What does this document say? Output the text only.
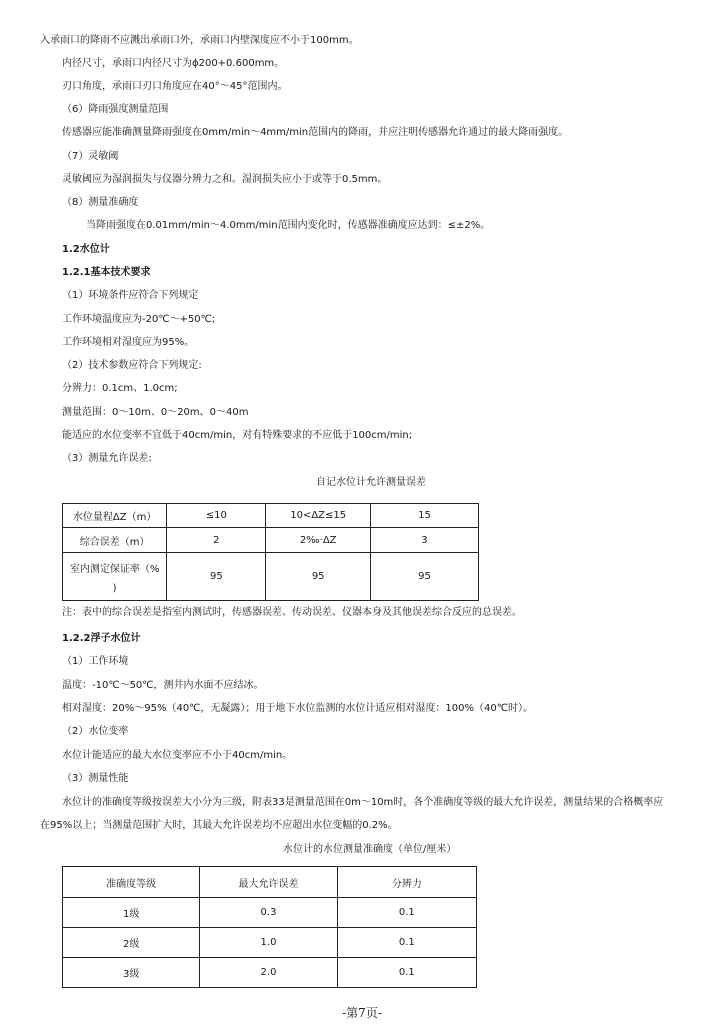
入承雨口的降雨不应溅出承雨口外，承雨口内壁深度应不小于100mm。
内径尺寸，承雨口内径尺寸为ϕ200+0.600mm。
刃口角度，承雨口刃口角度应在40°～45°范围内。
（6）降雨强度测量范围
传感器应能准确测量降雨强度在0mm/min～4mm/min范围内的降雨，并应注明传感器允许通过的最大降雨强度。
（7）灵敏阈
灵敏阈应为湿润损失与仪器分辨力之和。湿润损失应小于或等于0.5mm。
（8）测量准确度
当降雨强度在0.01mm/min～4.0mm/min范围内变化时，传感器准确度应达到：≤±2%。
1.2水位计
1.2.1基本技术要求
（1）环境条件应符合下列规定
工作环境温度应为-20℃～+50℃;
工作环境相对湿度应为95%。
（2）技术参数应符合下列规定:
分辨力：0.1cm、1.0cm;
测量范围：0～10m、0～20m、0～40m
能适应的水位变率不宜低于40cm/min，对有特殊要求的不应低于100cm/min;
（3）测量允许误差:
自记水位计允许测量误差
水位量程ΔZ（m）	≤10	10<ΔZ≤15	15
综合误差（m）	2	2‰·ΔZ	3

室内测定保证率（%
)	95	95	95
注：表中的综合误差是指室内测试时，传感器误差、传动误差、仪器本身及其他误差综合反应的总误差。
1.2.2浮子水位计
（1）工作环境
温度：-10℃～50℃，测井内水面不应结冰。
相对湿度：20%～95%（40℃，无凝露）；用于地下水位监测的水位计适应相对湿度：100%（40℃时）。
（2）水位变率
水位计能适应的最大水位变率应不小于40cm/min。
（3）测量性能
水位计的准确度等级按误差大小分为三级，附表33是测量范围在0m～10m时，各个准确度等级的最大允许误差，测量结果的合格概率应
在95%以上；当测量范围扩大时，其最大允许误差均不应超出水位变幅的0.2%。
水位计的水位测量准确度（单位/厘米）
准确度等级	最大允许误差	分辨力
1级	0.3	0.1
2级	1.0	0.1
3级	2.0	0.1
-第7页-
